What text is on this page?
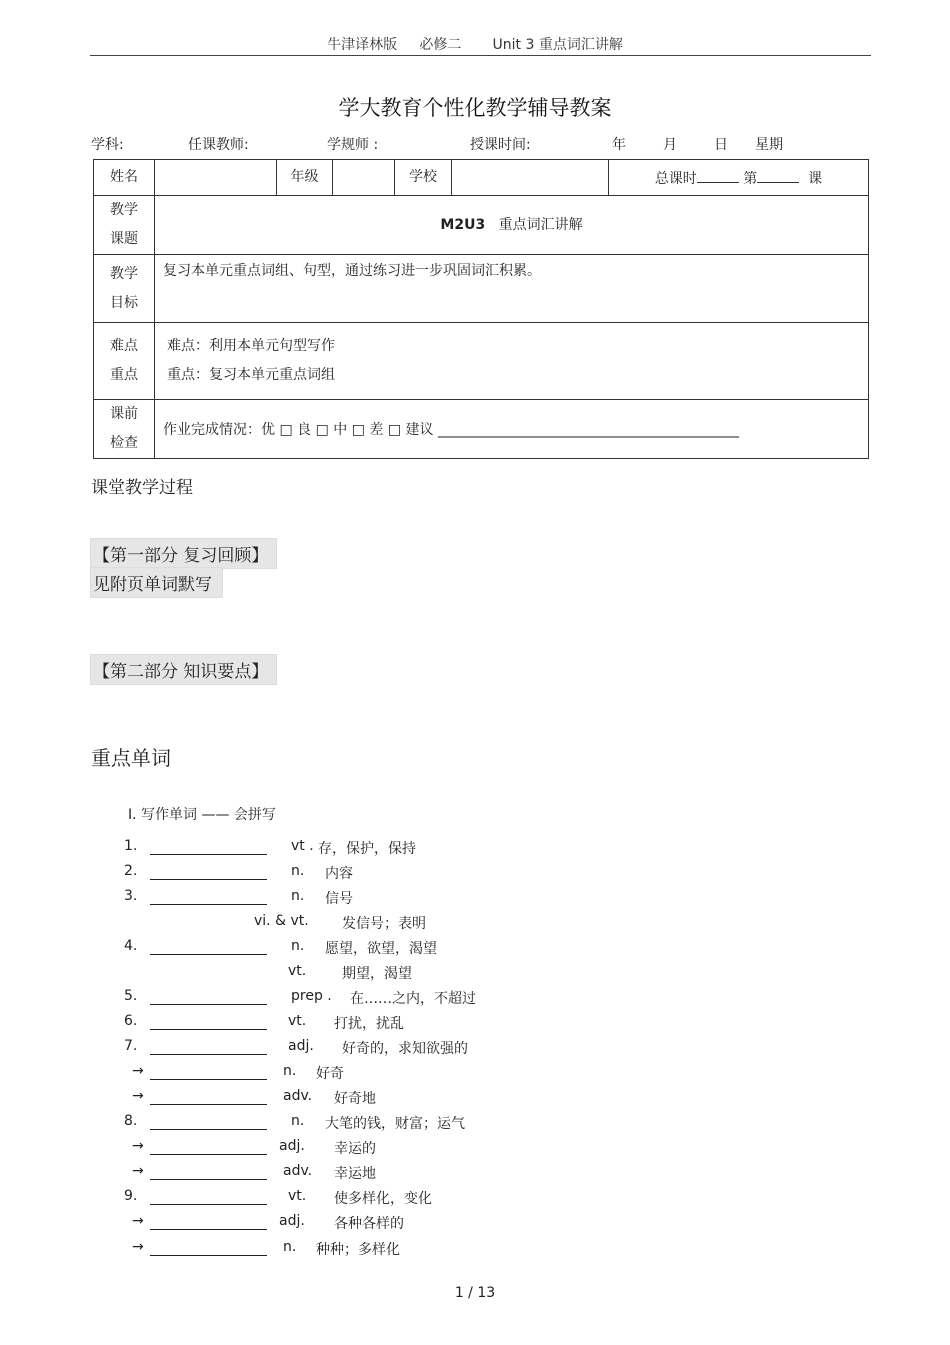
牛津译林版 必修二 Unit 3 重点词汇讲解
学大教育个性化教学辅导教案
学科:	任课教师:	学规师 :	授课时间:	年	月	日 星期
姓名		年级		学校		总课时 第 课

教学
课题	M2U3 重点词汇讲解					

教学
目标	复习本单元重点词组、句型，通过练习进一步巩固词汇积累。					

难点
重点	难点：利用本单元句型写作
重点：复习本单元重点词组					

课前
检查	作业完成情况：优 □ 良 □ 中 □ 差 □ 建议 ___________________________________________					
课堂教学过程
【第一部分 复习回顾】
见附页单词默写
【第二部分 知识要点】
重点单词
Ⅰ. 写作单词 —— 会拼写
1.	vt . 存，保护，保持
2.	n. 内容
3.	n. 信号
vi. & vt. 发信号；表明
4.	n. 愿望，欲望，渴望
vt.	期望，渴望
5.	prep . 在……之内，不超过
6.	vt. 打扰，扰乱
7.	adj. 好奇的，求知欲强的
→	n. 好奇
→	adv. 好奇地
8.	n. 大笔的钱，财富；运气
→	adj. 幸运的
→	adv. 幸运地
9.	vt. 使多样化，变化
→	adj. 各种各样的
→	n. 种种；多样化
1 / 13
